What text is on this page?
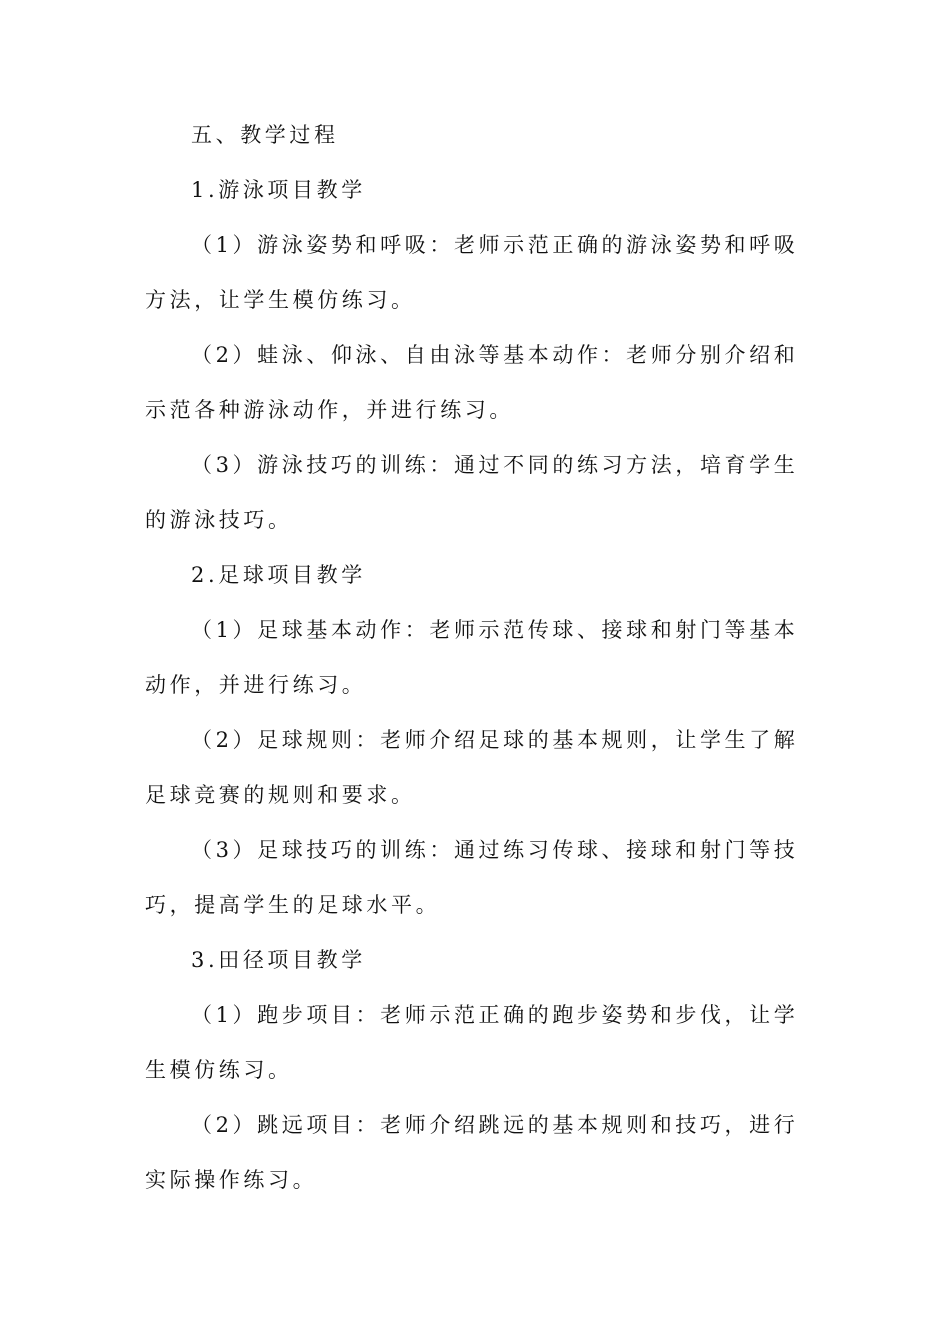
五、教学过程

1.游泳项目教学

（1）游泳姿势和呼吸：老师示范正确的游泳姿势和呼吸方法，让学生模仿练习。

（2）蛙泳、仰泳、自由泳等基本动作：老师分别介绍和示范各种游泳动作，并进行练习。

（3）游泳技巧的训练：通过不同的练习方法，培育学生的游泳技巧。

2.足球项目教学

（1）足球基本动作：老师示范传球、接球和射门等基本动作，并进行练习。

（2）足球规则：老师介绍足球的基本规则，让学生了解足球竞赛的规则和要求。

（3）足球技巧的训练：通过练习传球、接球和射门等技巧，提高学生的足球水平。

3.田径项目教学

（1）跑步项目：老师示范正确的跑步姿势和步伐，让学生模仿练习。

（2）跳远项目：老师介绍跳远的基本规则和技巧，进行实际操作练习。
